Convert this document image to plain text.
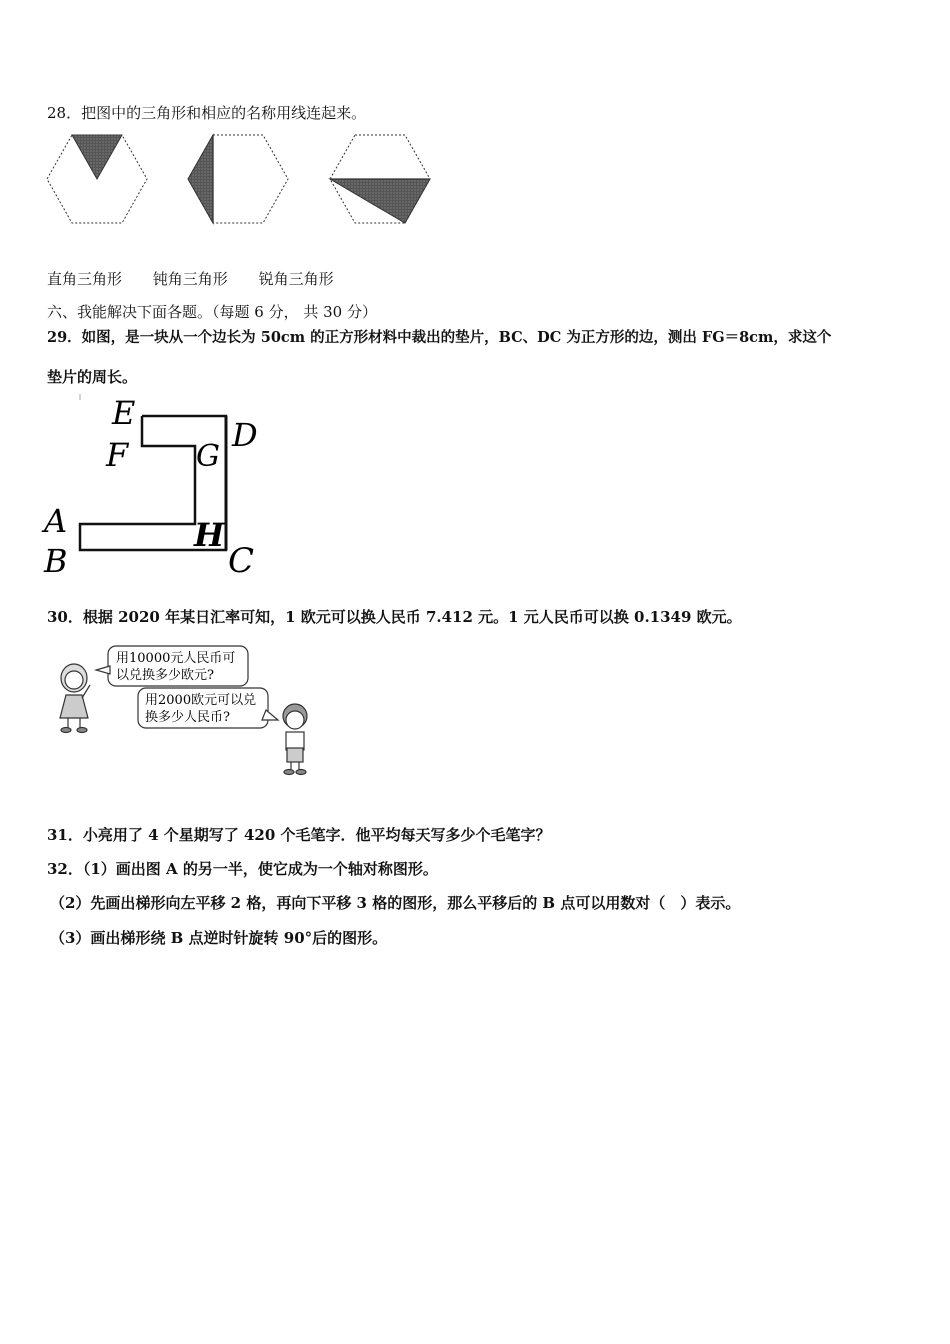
28．把图中的三角形和相应的名称用线连起来。
直角三角形 钝角三角形 锐角三角形
六、我能解决下面各题。（每题 6 分， 共 30 分）
29．如图，是一块从一个边长为 50cm 的正方形材料中裁出的垫片，BC、DC 为正方形的边，测出 FG＝8cm，求这个
垫片的周长。
E
F G
D
A
B
H
C
30．根据 2020 年某日汇率可知，1 欧元可以换人民币 7.412 元。1 元人民币可以换 0.1349 欧元。
用10000元人民币可
以兑换多少欧元?
用2000欧元可以兑
换多少人民币?
31．小亮用了 4 个星期写了 420 个毛笔字．他平均每天写多少个毛笔字？
32．（1）画出图 A 的另一半，使它成为一个轴对称图形。
（2）先画出梯形向左平移 2 格，再向下平移 3 格的图形，那么平移后的 B 点可以用数对（　）表示。
（3）画出梯形绕 B 点逆时针旋转 90°后的图形。
